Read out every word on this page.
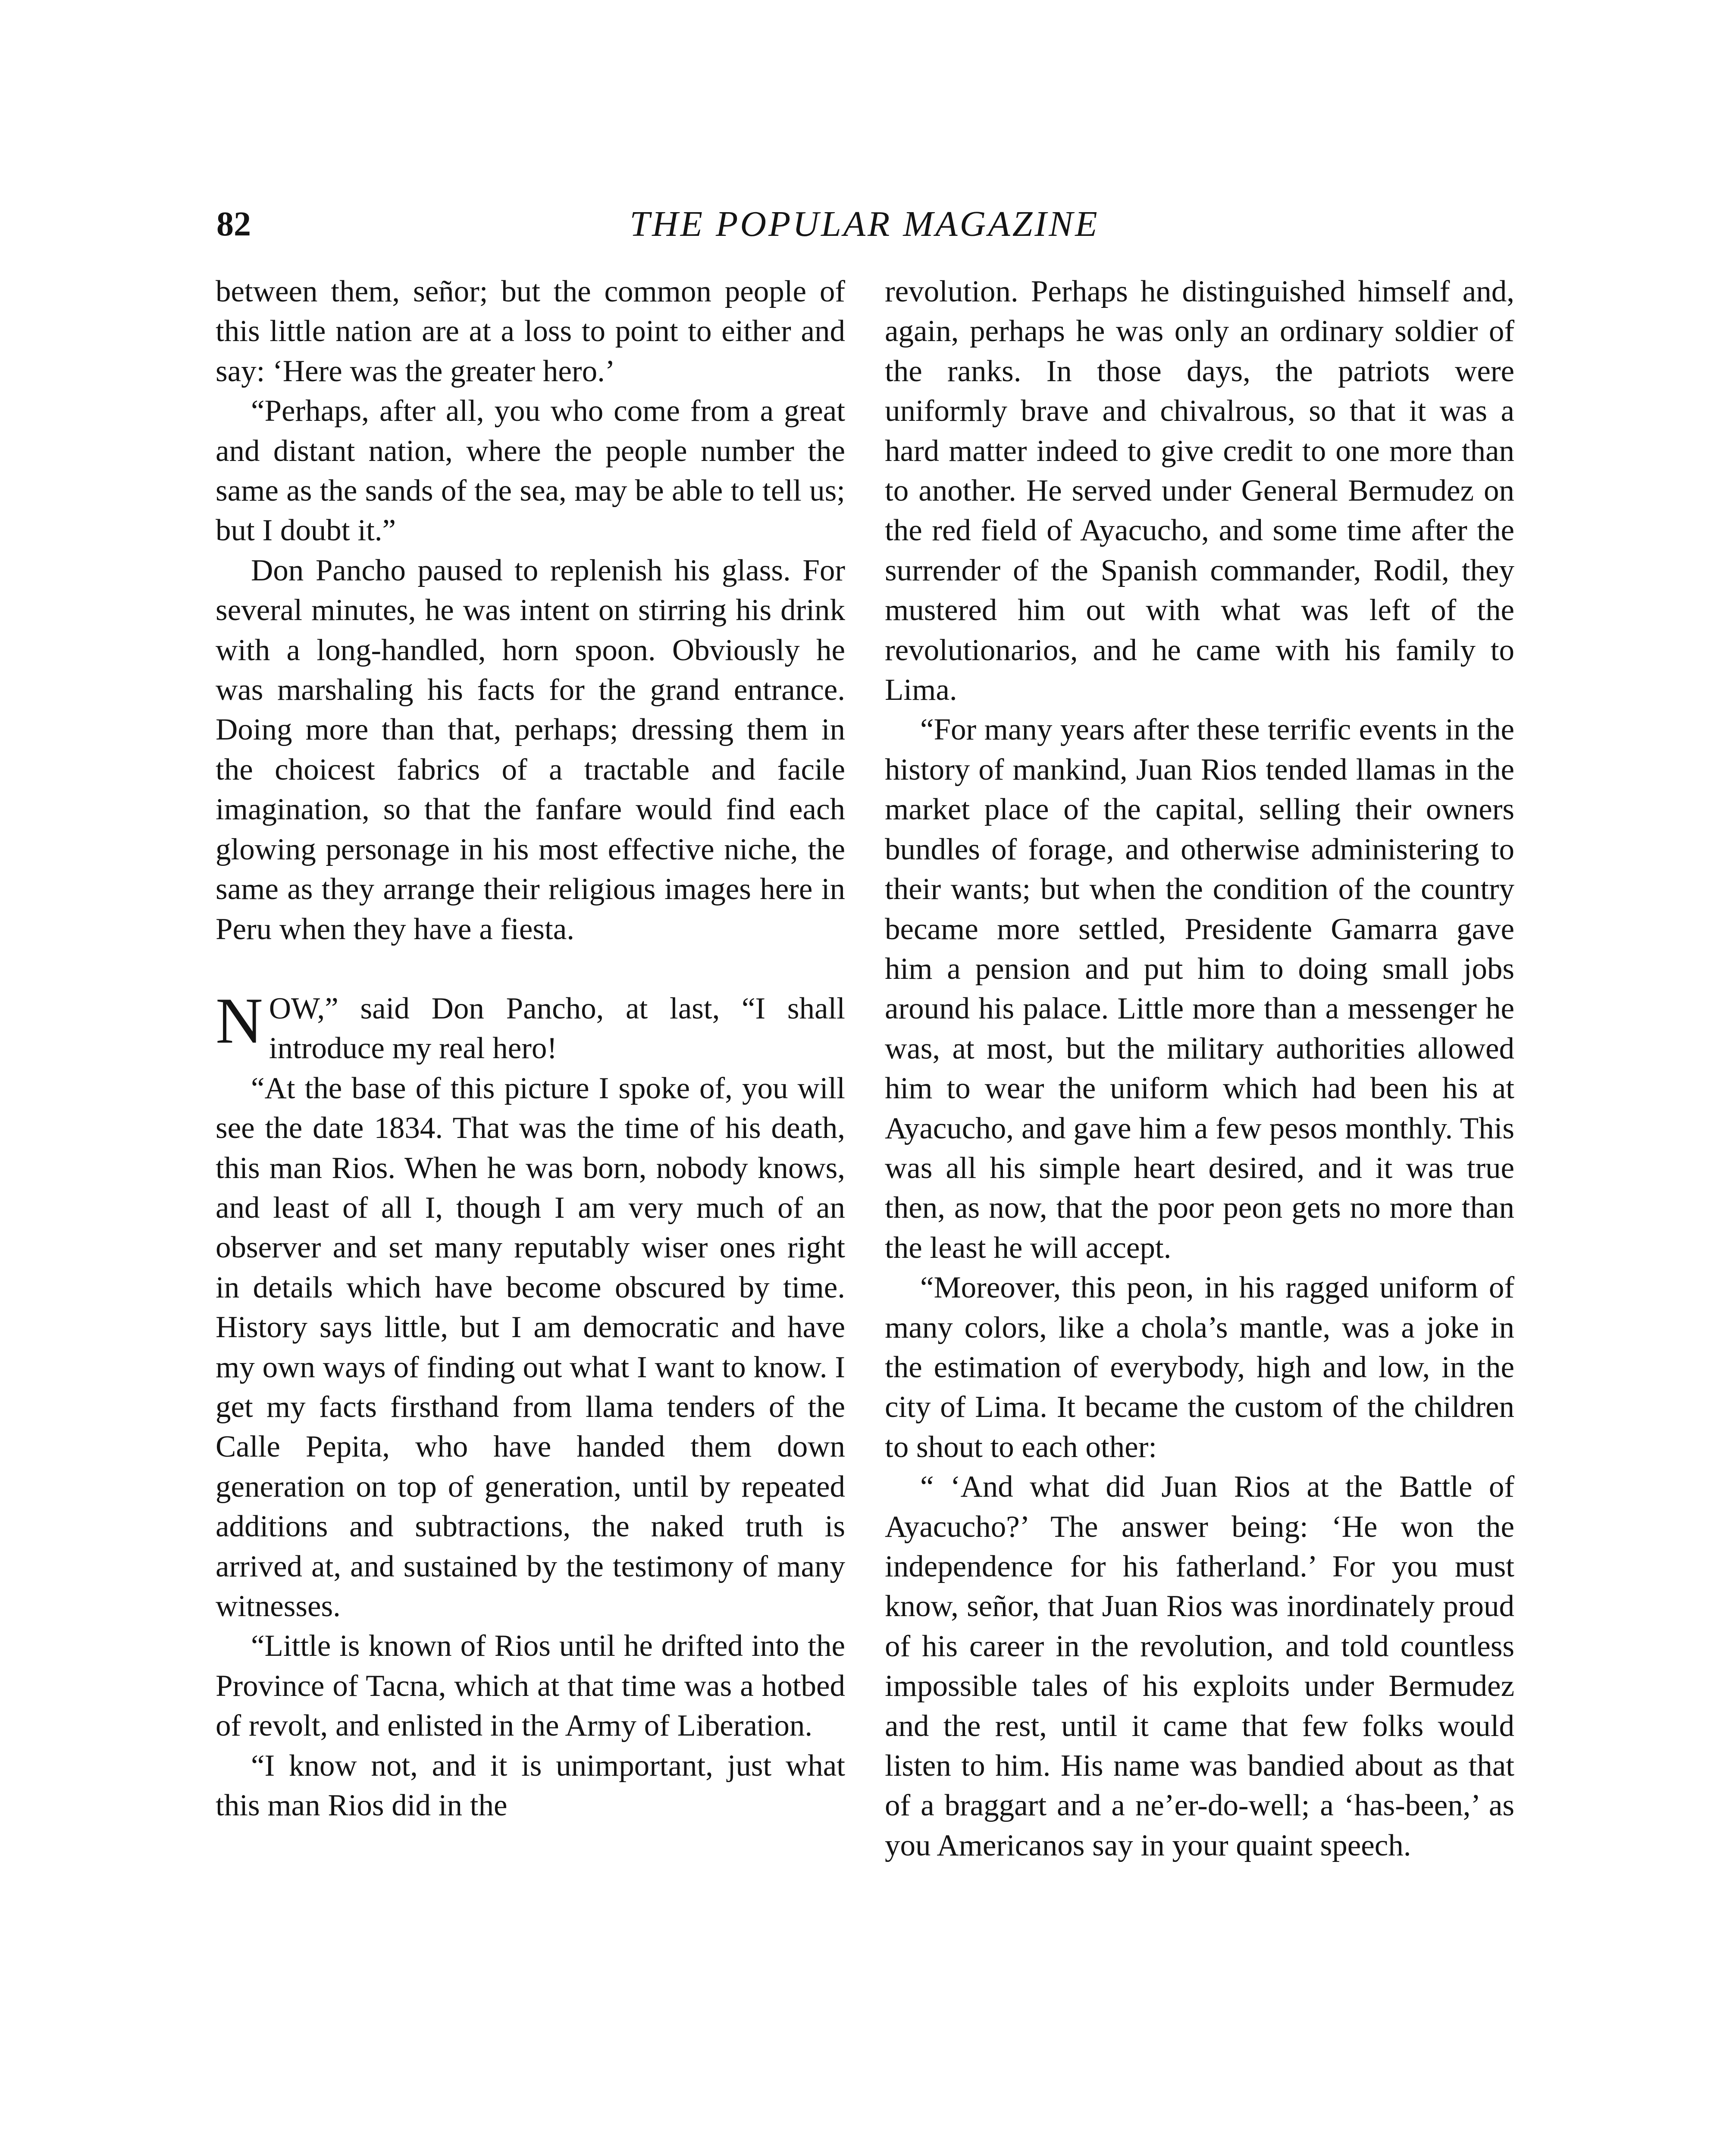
82	THE POPULAR MAGAZINE

between them, señor; but the common people of this little nation are at a loss to point to either and say: ‘Here was the greater hero.’

“Perhaps, after all, you who come from a great and distant nation, where the people number the same as the sands of the sea, may be able to tell us; but I doubt it.”

Don Pancho paused to replenish his glass. For several minutes, he was intent on stirring his drink with a long-handled, horn spoon. Obviously he was marshaling his facts for the grand entrance. Doing more than that, perhaps; dressing them in the choicest fabrics of a tractable and facile imagination, so that the fanfare would find each glowing personage in his most effective niche, the same as they arrange their religious images here in Peru when they have a fiesta.

NOW,” said Don Pancho, at last, “I shall introduce my real hero!

“At the base of this picture I spoke of, you will see the date 1834. That was the time of his death, this man Rios. When he was born, nobody knows, and least of all I, though I am very much of an observer and set many reputably wiser ones right in details which have become obscured by time. History says little, but I am democratic and have my own ways of finding out what I want to know. I get my facts firsthand from llama tenders of the Calle Pepita, who have handed them down generation on top of generation, until by repeated additions and subtractions, the naked truth is arrived at, and sustained by the testimony of many witnesses.

“Little is known of Rios until he drifted into the Province of Tacna, which at that time was a hotbed of revolt, and enlisted in the Army of Liberation.

“I know not, and it is unimportant, just what this man Rios did in the

revolution. Perhaps he distinguished himself and, again, perhaps he was only an ordinary soldier of the ranks. In those days, the patriots were uniformly brave and chivalrous, so that it was a hard matter indeed to give credit to one more than to another. He served under General Bermudez on the red field of Ayacucho, and some time after the surrender of the Spanish commander, Rodil, they mustered him out with what was left of the revolutionarios, and he came with his family to Lima.

“For many years after these terrific events in the history of mankind, Juan Rios tended llamas in the market place of the capital, selling their owners bundles of forage, and otherwise administering to their wants; but when the condition of the country became more settled, Presidente Gamarra gave him a pension and put him to doing small jobs around his palace. Little more than a messenger he was, at most, but the military authorities allowed him to wear the uniform which had been his at Ayacucho, and gave him a few pesos monthly. This was all his simple heart desired, and it was true then, as now, that the poor peon gets no more than the least he will accept.

“Moreover, this peon, in his ragged uniform of many colors, like a chola’s mantle, was a joke in the estimation of everybody, high and low, in the city of Lima. It became the custom of the children to shout to each other:

“ ‘And what did Juan Rios at the Battle of Ayacucho?’ The answer being: ‘He won the independence for his fatherland.’ For you must know, señor, that Juan Rios was inordinately proud of his career in the revolution, and told countless impossible tales of his exploits under Bermudez and the rest, until it came that few folks would listen to him. His name was bandied about as that of a braggart and a ne’er-do-well; a ‘has-been,’ as you Americanos say in your quaint speech.
